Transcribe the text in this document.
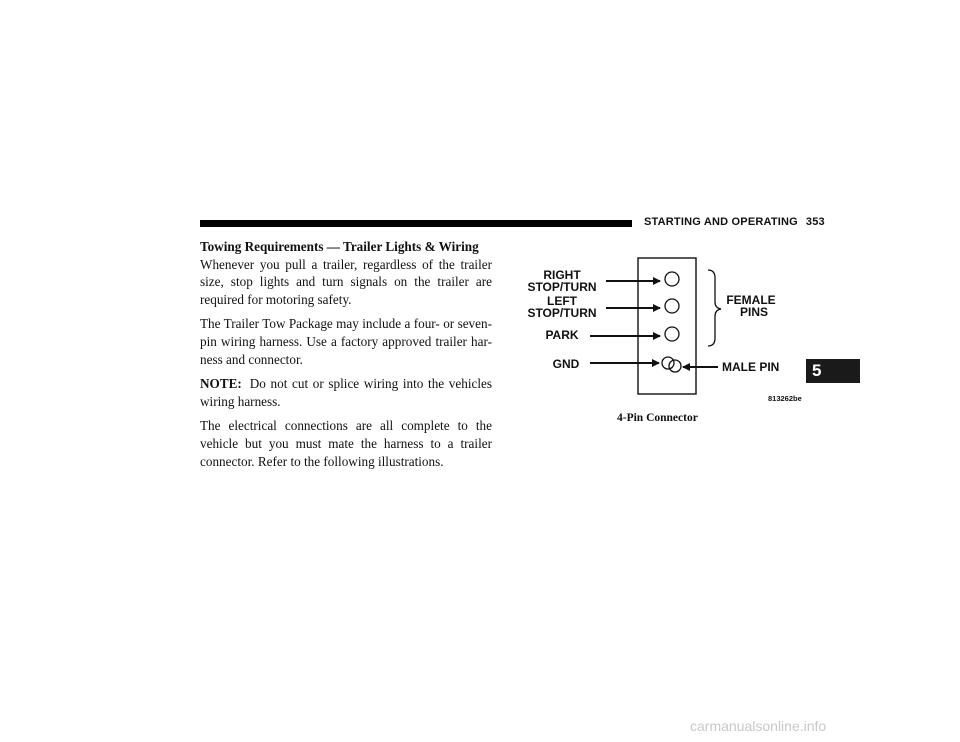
STARTING AND OPERATING 353

Towing Requirements — Trailer Lights & Wiring

Whenever you pull a trailer, regardless of the trailer size, stop lights and turn signals on the trailer are required for motoring safety.

The Trailer Tow Package may include a four- or seven-pin wiring harness. Use a factory approved trailer har-ness and connector.

NOTE: Do not cut or splice wiring into the vehicles wiring harness.

The electrical connections are all complete to the vehicle but you must mate the harness to a trailer connector. Refer to the following illustrations.

RIGHT
STOP/TURN
LEFT
STOP/TURN
PARK
GND
FEMALE
PINS
MALE PIN
813262be
4-Pin Connector
5
carmanualsonline.info
